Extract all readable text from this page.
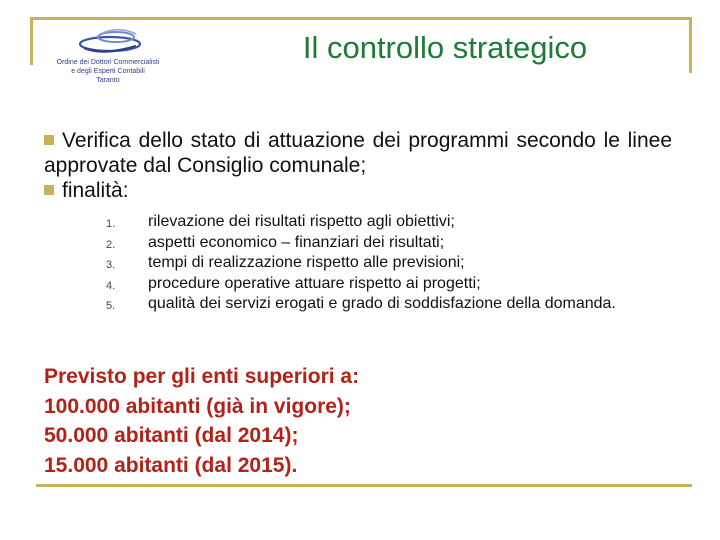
Ordine dei Dottori Commercialisti
e degli Esperti Contabili
Taranto
Il controllo strategico
Verifica dello stato di attuazione dei programmi secondo le linee approvate dal Consiglio comunale;
finalità:
1. rilevazione dei risultati rispetto agli obiettivi;
2. aspetti economico – finanziari dei risultati;
3. tempi di realizzazione rispetto alle previsioni;
4. procedure operative attuare rispetto ai progetti;
5. qualità dei servizi erogati e grado di soddisfazione della domanda.
Previsto per gli enti superiori a:
100.000 abitanti (già in vigore);
50.000 abitanti (dal 2014);
15.000 abitanti (dal 2015).
